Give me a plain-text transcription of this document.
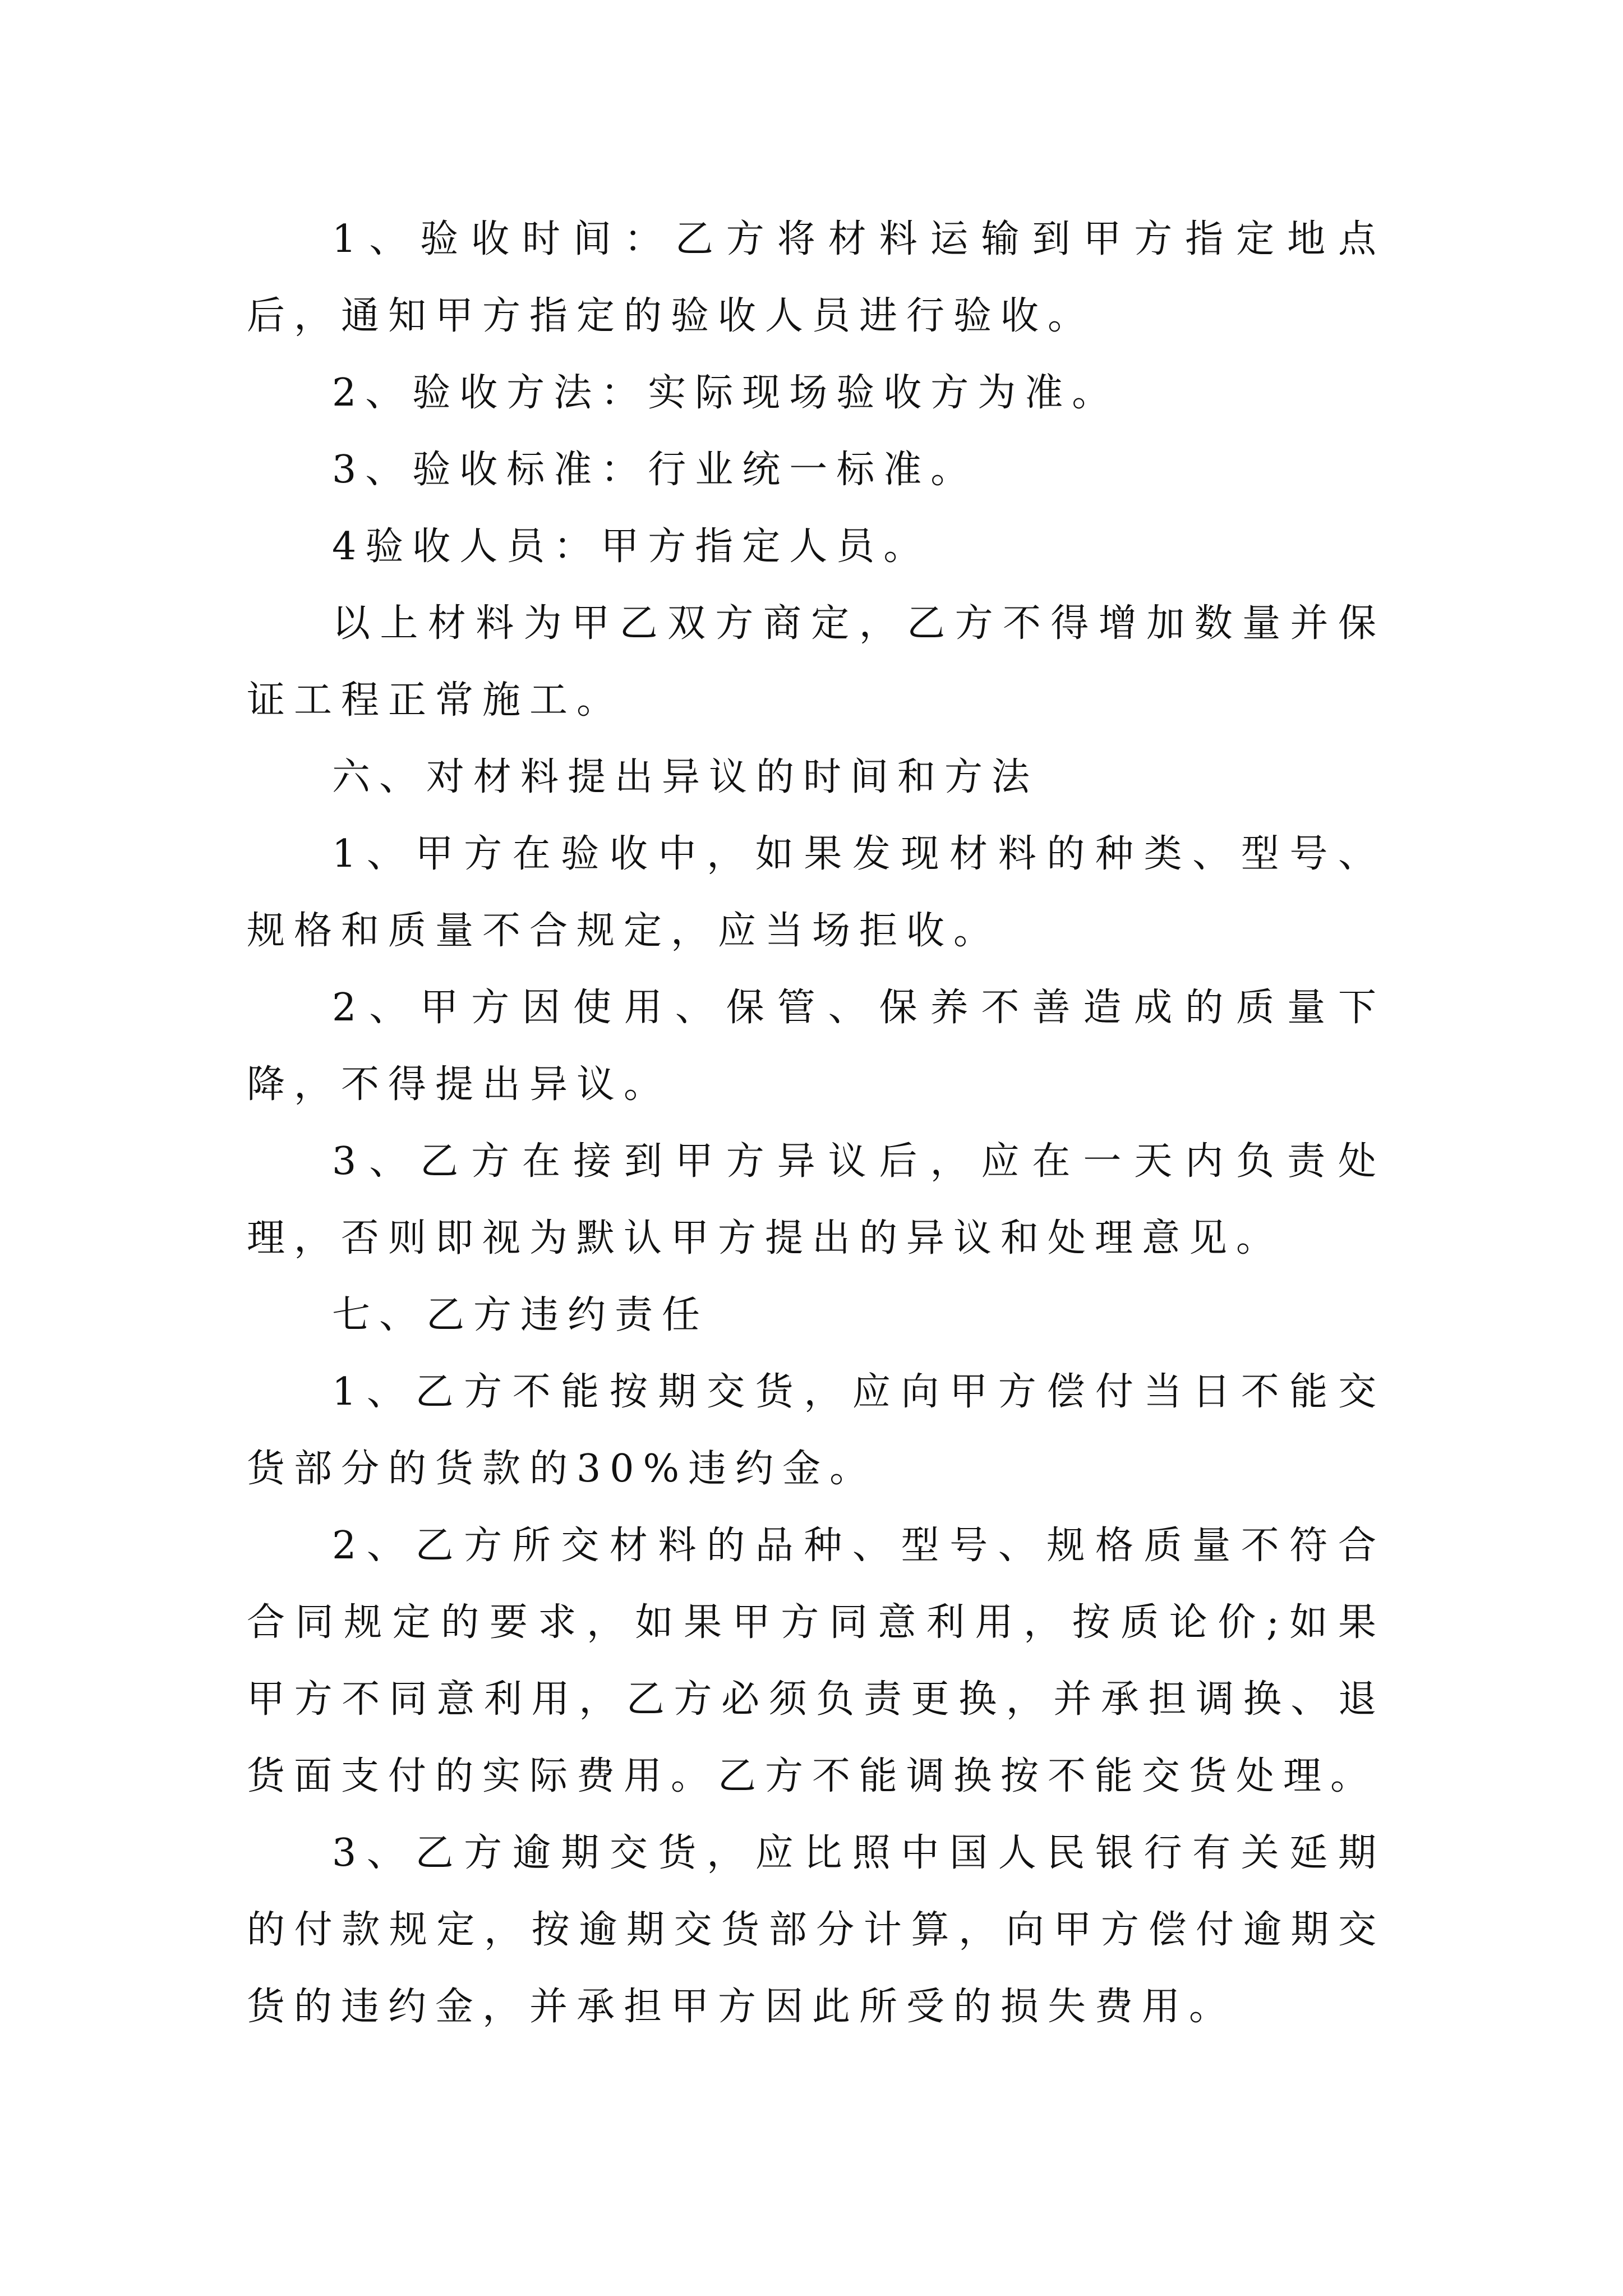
1、验收时间：乙方将材料运输到甲方指定地点后，通知甲方指定的验收人员进行验收。

2、验收方法：实际现场验收方为准。

3、验收标准：行业统一标准。

4验收人员：甲方指定人员。

以上材料为甲乙双方商定，乙方不得增加数量并保证工程正常施工。

六、对材料提出异议的时间和方法

1、甲方在验收中，如果发现材料的种类、型号、规格和质量不合规定，应当场拒收。

2、甲方因使用、保管、保养不善造成的质量下降，不得提出异议。

3、乙方在接到甲方异议后，应在一天内负责处理，否则即视为默认甲方提出的异议和处理意见。

七、乙方违约责任

1、乙方不能按期交货，应向甲方偿付当日不能交货部分的货款的30%违约金。

2、乙方所交材料的品种、型号、规格质量不符合合同规定的要求，如果甲方同意利用，按质论价;如果甲方不同意利用，乙方必须负责更换，并承担调换、退货面支付的实际费用。乙方不能调换按不能交货处理。

3、乙方逾期交货，应比照中国人民银行有关延期的付款规定，按逾期交货部分计算，向甲方偿付逾期交货的违约金，并承担甲方因此所受的损失费用。
